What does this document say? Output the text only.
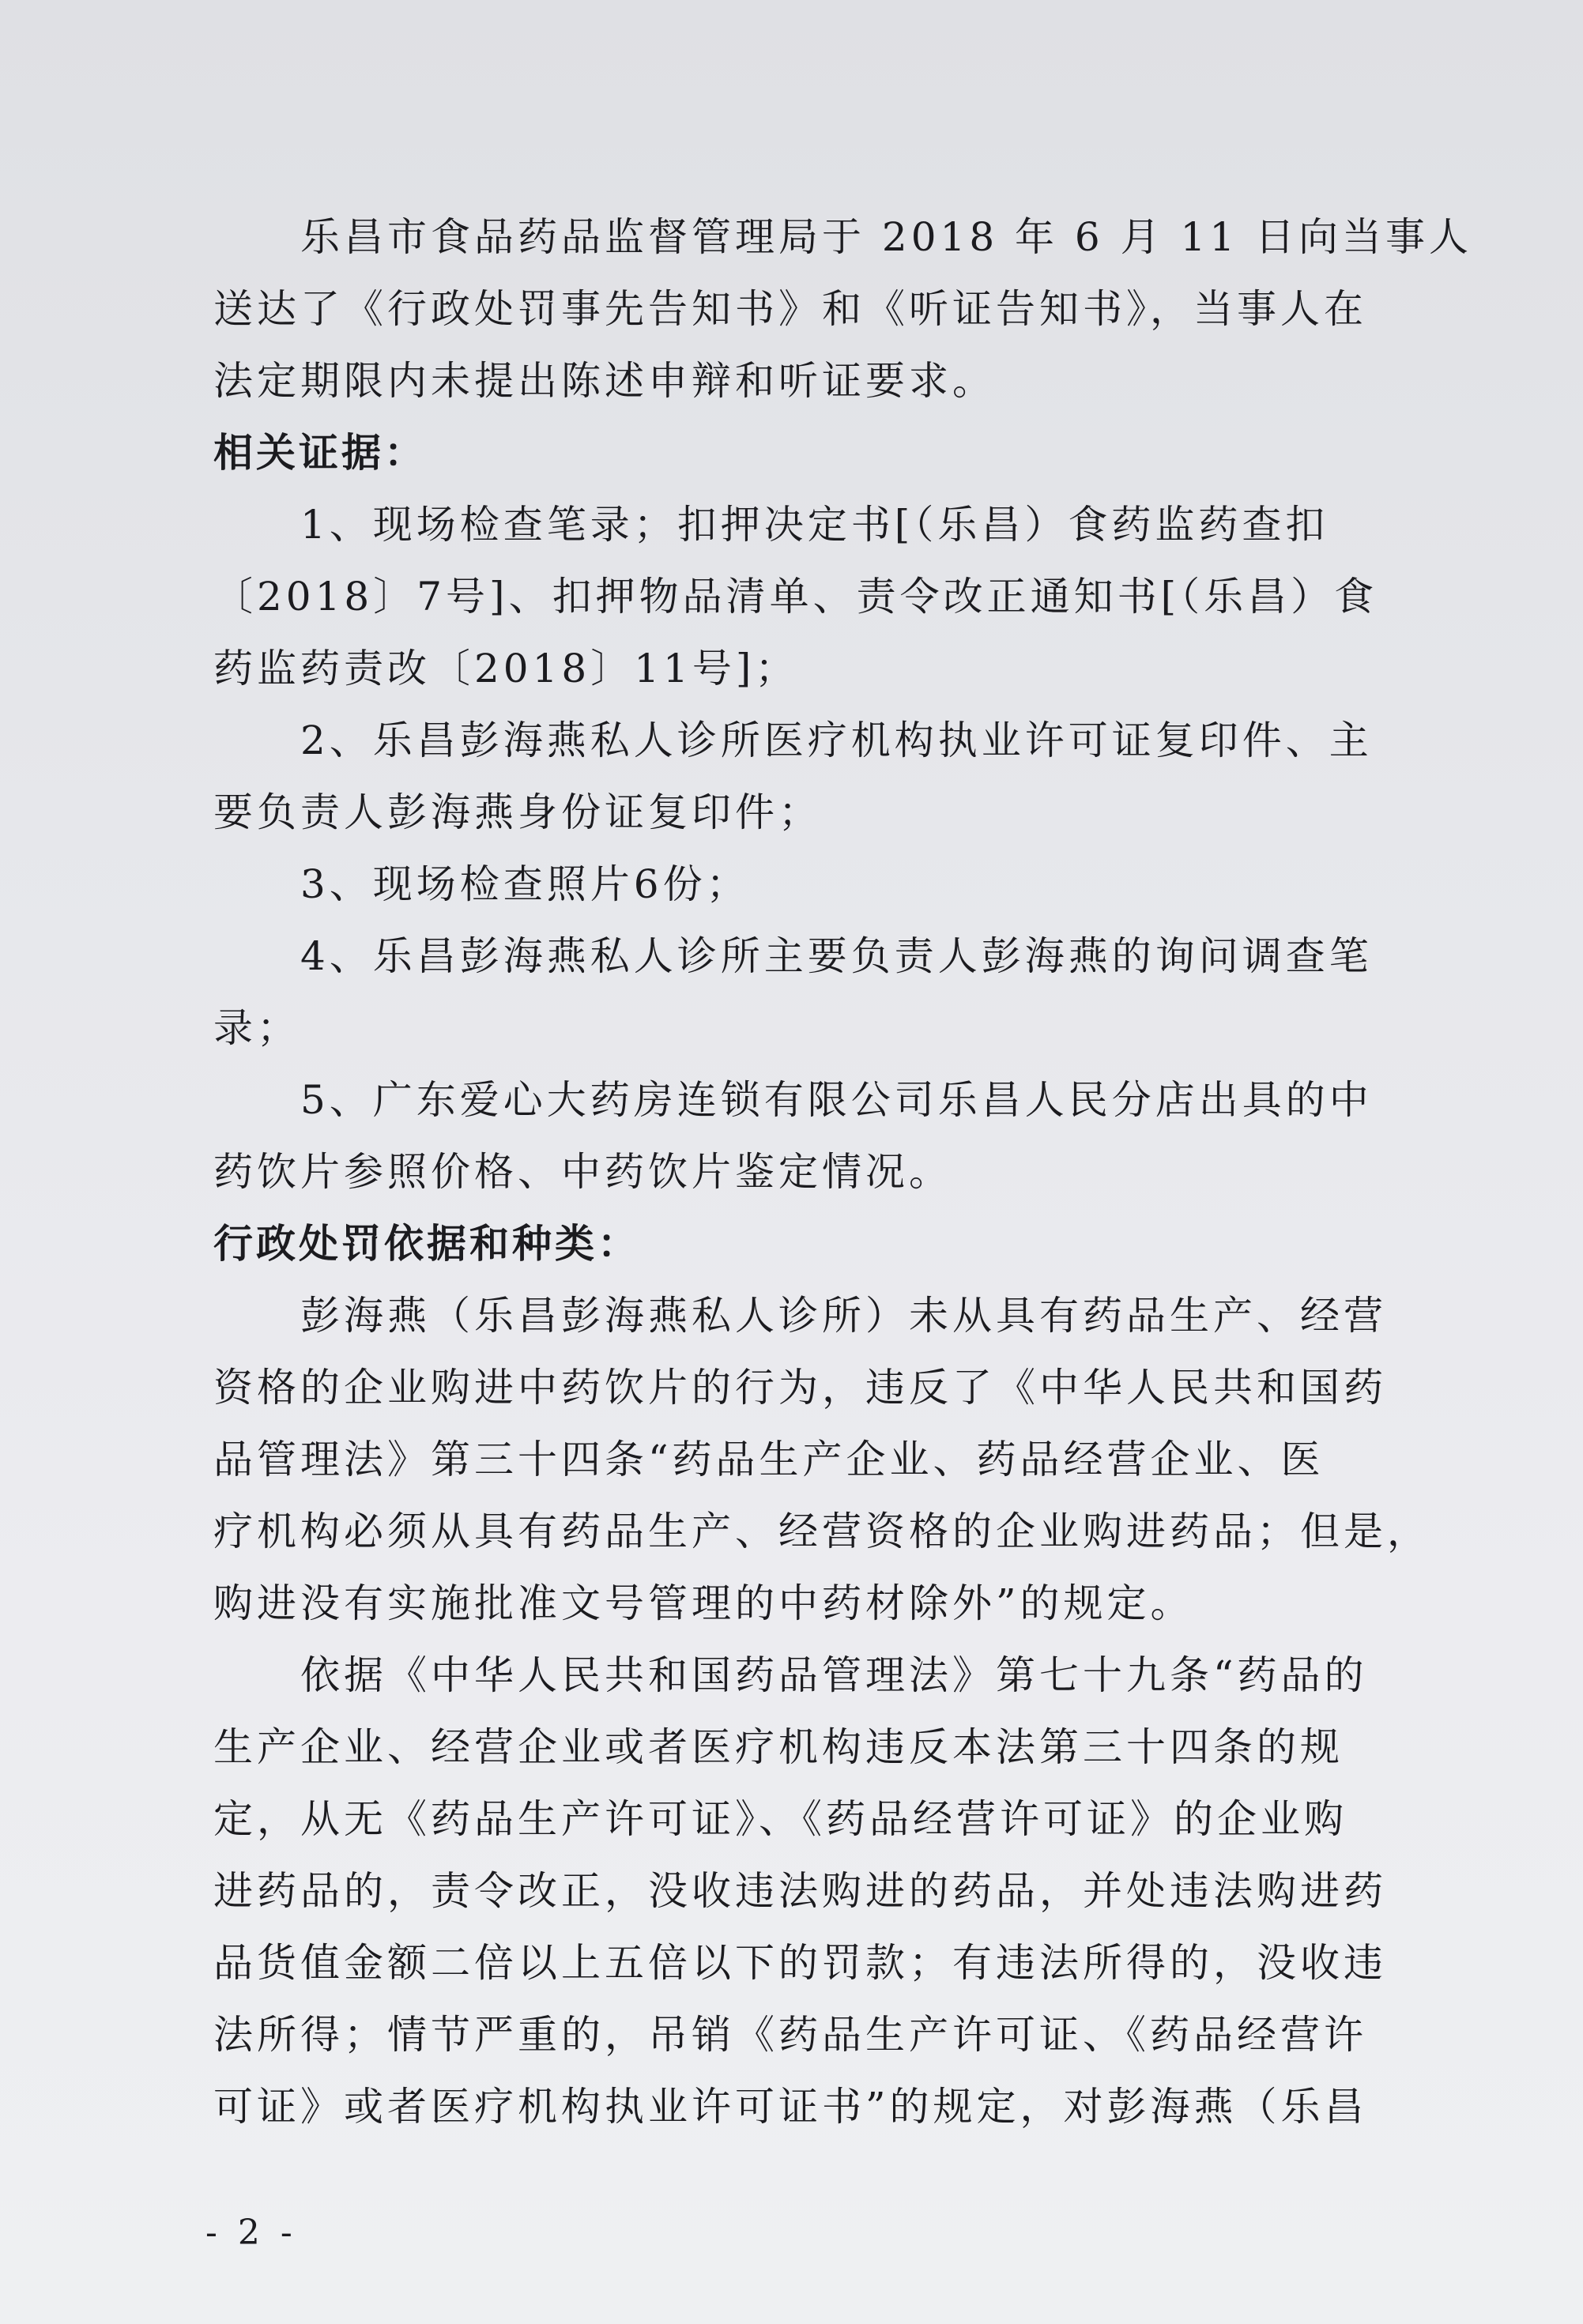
乐昌市食品药品监督管理局于 2018 年 6 月 11 日向当事人
送达了《行政处罚事先告知书》和《听证告知书》，当事人在
法定期限内未提出陈述申辩和听证要求。
相关证据：
1、现场检查笔录；扣押决定书[（乐昌）食药监药查扣
〔2018〕7号]、扣押物品清单、责令改正通知书[（乐昌）食
药监药责改〔2018〕11号]；
2、乐昌彭海燕私人诊所医疗机构执业许可证复印件、主
要负责人彭海燕身份证复印件；
3、现场检查照片6份；
4、乐昌彭海燕私人诊所主要负责人彭海燕的询问调查笔
录；
5、广东爱心大药房连锁有限公司乐昌人民分店出具的中
药饮片参照价格、中药饮片鉴定情况。
行政处罚依据和种类：
彭海燕（乐昌彭海燕私人诊所）未从具有药品生产、经营
资格的企业购进中药饮片的行为，违反了《中华人民共和国药
品管理法》第三十四条“药品生产企业、药品经营企业、医
疗机构必须从具有药品生产、经营资格的企业购进药品；但是，
购进没有实施批准文号管理的中药材除外”的规定。
依据《中华人民共和国药品管理法》第七十九条“药品的
生产企业、经营企业或者医疗机构违反本法第三十四条的规
定，从无《药品生产许可证》、《药品经营许可证》的企业购
进药品的，责令改正，没收违法购进的药品，并处违法购进药
品货值金额二倍以上五倍以下的罚款；有违法所得的，没收违
法所得；情节严重的，吊销《药品生产许可证、《药品经营许
可证》或者医疗机构执业许可证书”的规定，对彭海燕（乐昌
- 2 -
